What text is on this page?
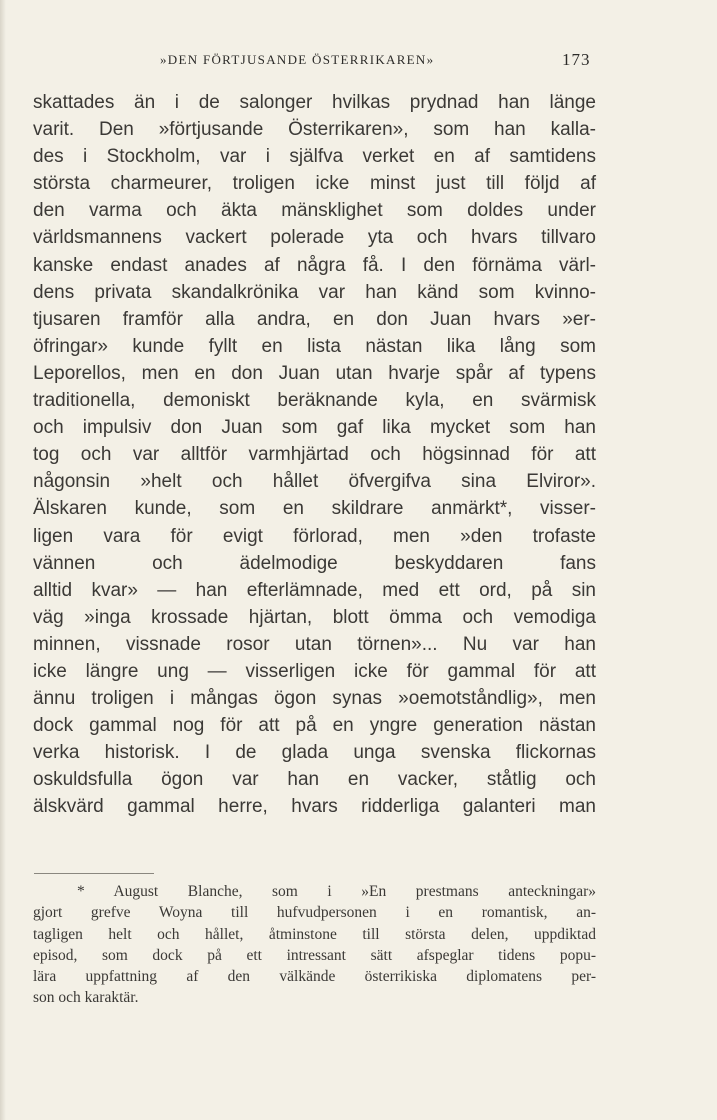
»DEN FÖRTJUSANDE ÖSTERRIKAREN»	173
skattades än i de salonger hvilkas prydnad han länge
varit. Den »förtjusande Österrikaren», som han kalla-
des i Stockholm, var i själfva verket en af samtidens
största charmeurer, troligen icke minst just till följd af
den varma och äkta mänsklighet som doldes under
världsmannens vackert polerade yta och hvars tillvaro
kanske endast anades af några få. I den förnäma värl-
dens privata skandalkrönika var han känd som kvinno-
tjusaren framför alla andra, en don Juan hvars »er-
öfringar» kunde fyllt en lista nästan lika lång som
Leporellos, men en don Juan utan hvarje spår af typens
traditionella, demoniskt beräknande kyla, en svärmisk
och impulsiv don Juan som gaf lika mycket som han
tog och var alltför varmhjärtad och högsinnad för att
någonsin »helt och hållet öfvergifva sina Elviror».
Älskaren kunde, som en skildrare anmärkt*, visser-
ligen vara för evigt förlorad, men »den trofaste
vännen och ädelmodige beskyddaren fans
alltid kvar» — han efterlämnade, med ett ord, på sin
väg »inga krossade hjärtan, blott ömma och vemodiga
minnen, vissnade rosor utan törnen»... Nu var han
icke längre ung — visserligen icke för gammal för att
ännu troligen i mångas ögon synas »oemotståndlig», men
dock gammal nog för att på en yngre generation nästan
verka historisk. I de glada unga svenska flickornas
oskuldsfulla ögon var han en vacker, ståtlig och
älskvärd gammal herre, hvars ridderliga galanteri man
* August Blanche, som i »En prestmans anteckningar»
gjort grefve Woyna till hufvudpersonen i en romantisk, an-
tagligen helt och hållet, åtminstone till största delen, uppdiktad
episod, som dock på ett intressant sätt afspeglar tidens popu-
lära uppfattning af den välkände österrikiska diplomatens per-
son och karaktär.
